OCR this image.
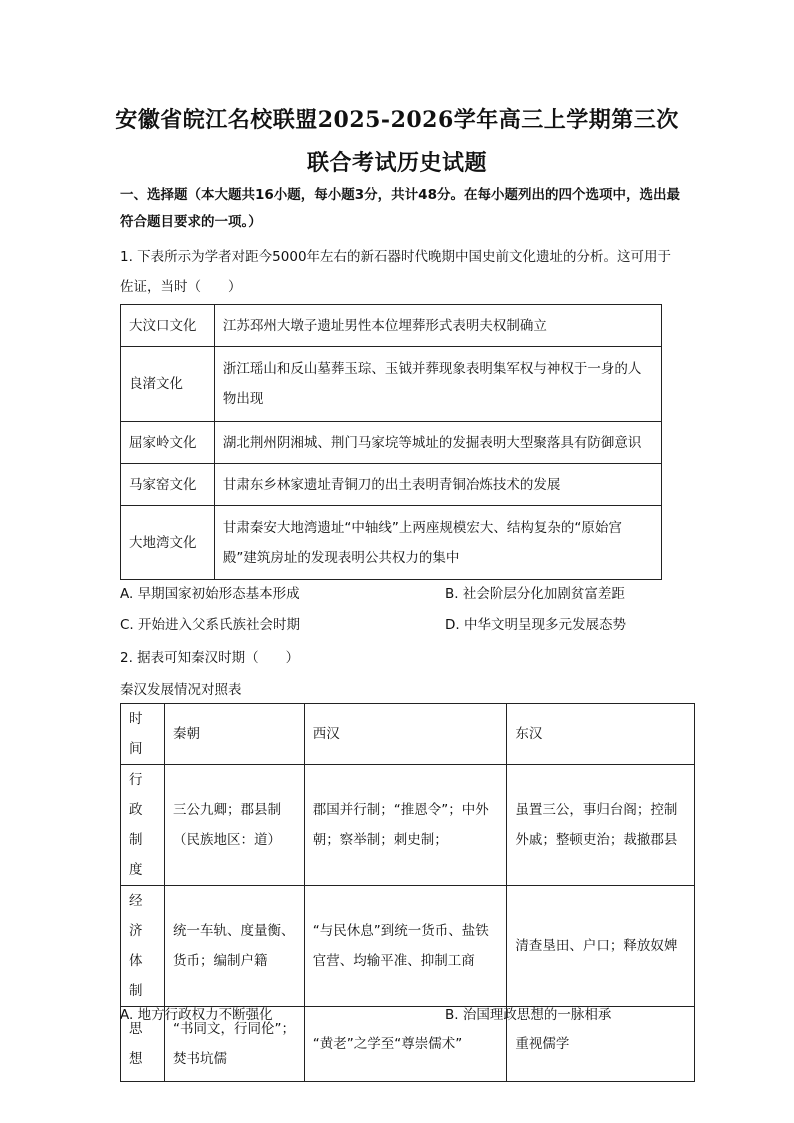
安徽省皖江名校联盟2025-2026学年高三上学期第三次
联合考试历史试题
一、选择题（本大题共16小题，每小题3分，共计48分。在每小题列出的四个选项中，选出最符合题目要求的一项。）
1. 下表所示为学者对距今5000年左右的新石器时代晚期中国史前文化遗址的分析。这可用于佐证，当时（　　）
大汶口文化	江苏邳州大墩子遗址男性本位埋葬形式表明夫权制确立
良渚文化	浙江瑶山和反山墓葬玉琮、玉钺并葬现象表明集军权与神权于一身的人物出现
屈家岭文化	湖北荆州阴湘城、荆门马家垸等城址的发掘表明大型聚落具有防御意识
马家窑文化	甘肃东乡林家遗址青铜刀的出土表明青铜冶炼技术的发展
大地湾文化	甘肃秦安大地湾遗址“中轴线”上两座规模宏大、结构复杂的“原始宫殿”建筑房址的发现表明公共权力的集中
A. 早期国家初始形态基本形成	B. 社会阶层分化加剧贫富差距
C. 开始进入父系氏族社会时期	D. 中华文明呈现多元发展态势
2. 据表可知秦汉时期（　　）
秦汉发展情况对照表
时间	秦朝	西汉	东汉
行政制度	三公九卿；郡县制（民族地区：道）	郡国并行制；“推恩令”；中外朝；察举制；刺史制；	虽置三公，事归台阁；控制外戚；整顿吏治；裁撤郡县
经济体制	统一车轨、度量衡、货币；编制户籍	“与民休息”到统一货币、盐铁官营、均输平准、抑制工商	清查垦田、户口；释放奴婢
思想	“书同文，行同伦”；焚书坑儒	“黄老”之学至“尊崇儒术”	重视儒学
A. 地方行政权力不断强化	B. 治国理政思想的一脉相承
